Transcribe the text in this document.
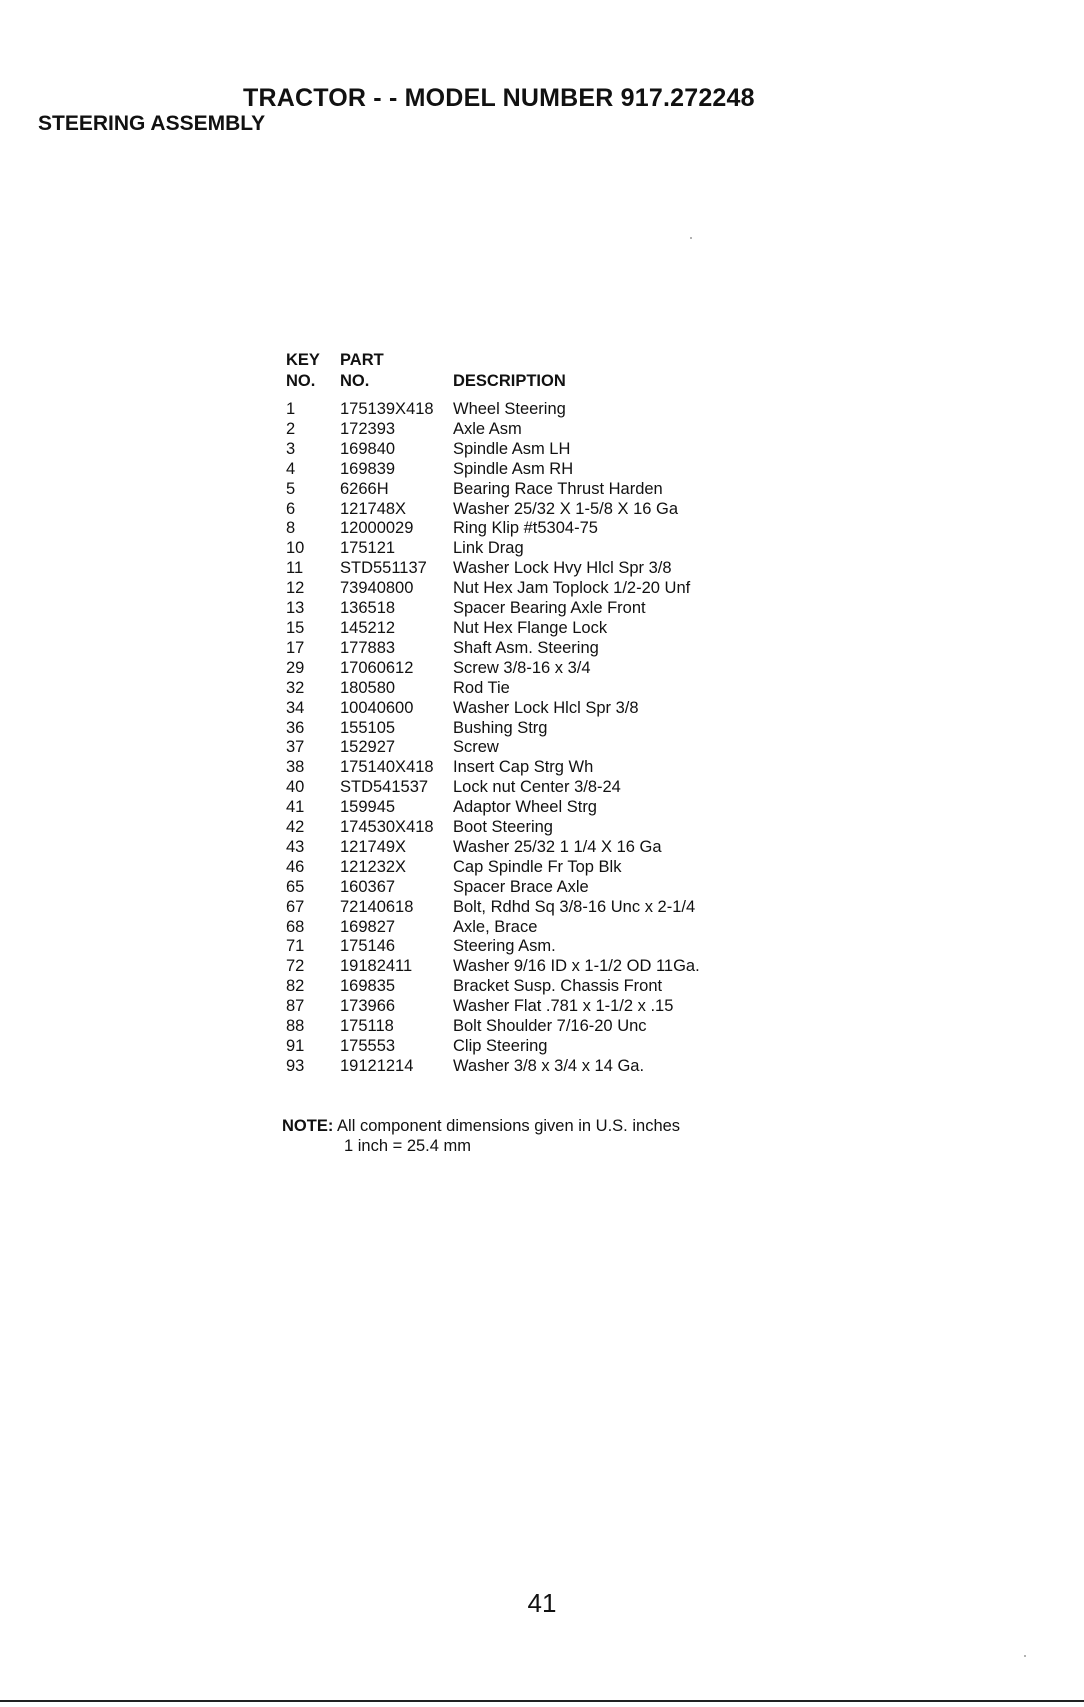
TRACTOR - - MODEL NUMBER 917.272248
STEERING ASSEMBLY
KEY	PART	
NO.	NO.	DESCRIPTION

1	175139X418	Wheel Steering
2	172393	Axle Asm
3	169840	Spindle Asm LH
4	169839	Spindle Asm RH
5	6266H	Bearing Race Thrust Harden
6	121748X	Washer 25/32 X 1-5/8 X 16 Ga
8	12000029	Ring Klip #t5304-75
10	175121	Link Drag
11	STD551137	Washer Lock Hvy Hlcl Spr 3/8
12	73940800	Nut Hex Jam Toplock 1/2-20 Unf
13	136518	Spacer Bearing Axle Front
15	145212	Nut Hex Flange Lock
17	177883	Shaft Asm. Steering
29	17060612	Screw 3/8-16 x 3/4
32	180580	Rod Tie
34	10040600	Washer Lock Hlcl Spr 3/8
36	155105	Bushing Strg
37	152927	Screw
38	175140X418	Insert Cap Strg Wh
40	STD541537	Lock nut Center 3/8-24
41	159945	Adaptor Wheel Strg
42	174530X418	Boot Steering
43	121749X	Washer 25/32 1 1/4 X 16 Ga
46	121232X	Cap Spindle Fr Top Blk
65	160367	Spacer Brace Axle
67	72140618	Bolt, Rdhd Sq 3/8-16 Unc x 2-1/4
68	169827	Axle, Brace
71	175146	Steering Asm.
72	19182411	Washer 9/16 ID x 1-1/2 OD 11Ga.
82	169835	Bracket Susp. Chassis Front
87	173966	Washer Flat .781 x 1-1/2 x .15
88	175118	Bolt Shoulder 7/16-20 Unc
91	175553	Clip Steering
93	19121214	Washer 3/8 x 3/4 x 14 Ga.
NOTE: All component dimensions given in U.S. inches
1 inch = 25.4 mm
41
